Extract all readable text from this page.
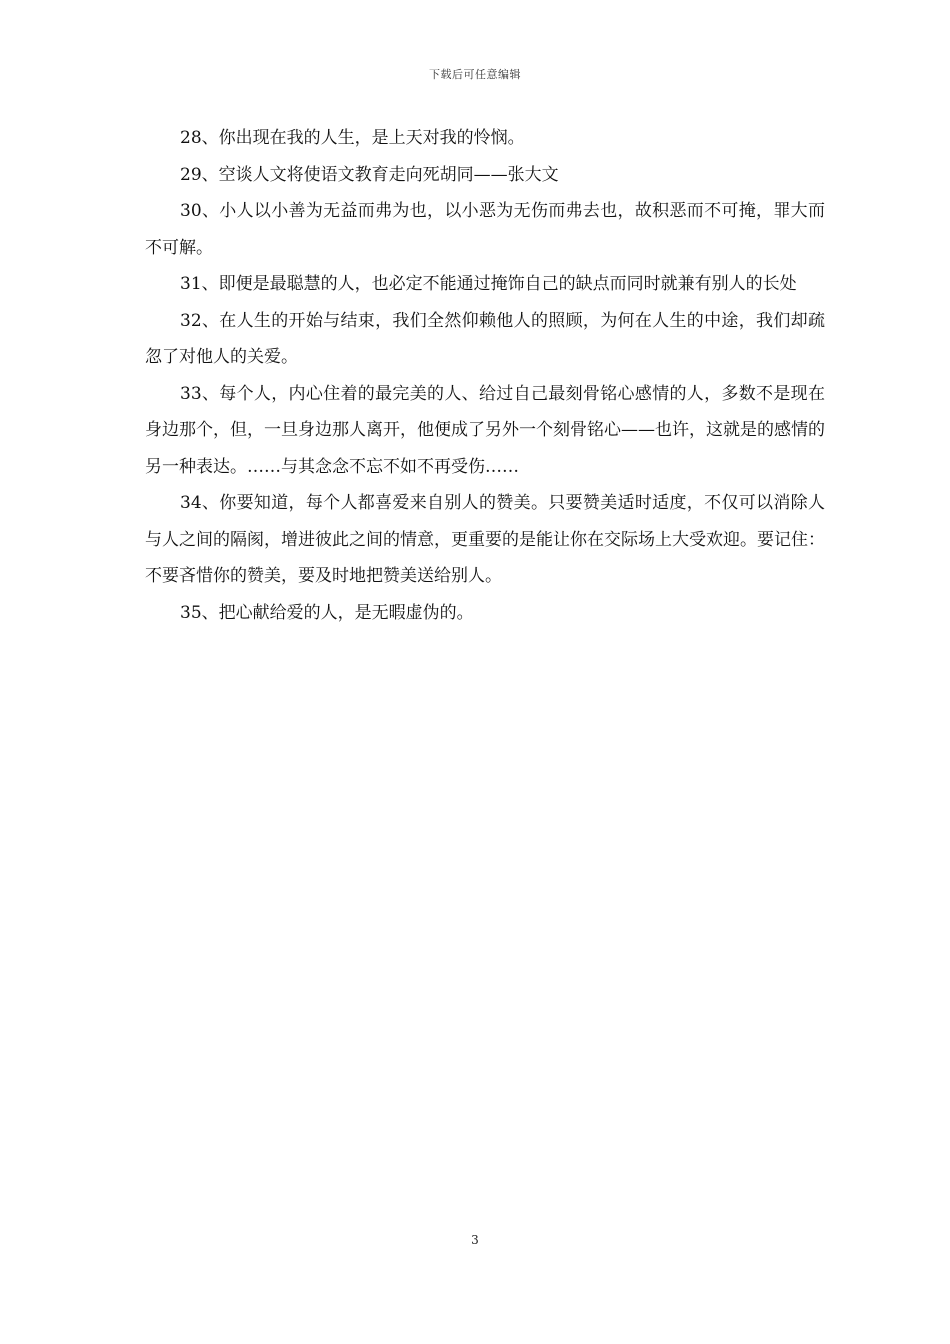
下载后可任意编辑

28、你出现在我的人生，是上天对我的怜悯。

29、空谈人文将使语文教育走向死胡同——张大文

30、小人以小善为无益而弗为也，以小恶为无伤而弗去也，故积恶而不可掩，罪大而不可解。

31、即便是最聪慧的人，也必定不能通过掩饰自己的缺点而同时就兼有别人的长处

32、在人生的开始与结束，我们全然仰赖他人的照顾，为何在人生的中途，我们却疏忽了对他人的关爱。

33、每个人，内心住着的最完美的人、给过自己最刻骨铭心感情的人，多数不是现在身边那个，但，一旦身边那人离开，他便成了另外一个刻骨铭心——也许，这就是的感情的另一种表达。……与其念念不忘不如不再受伤……

34、你要知道，每个人都喜爱来自别人的赞美。只要赞美适时适度，不仅可以消除人与人之间的隔阂，增进彼此之间的情意，更重要的是能让你在交际场上大受欢迎。要记住：不要吝惜你的赞美，要及时地把赞美送给别人。

35、把心献给爱的人，是无暇虚伪的。

3
